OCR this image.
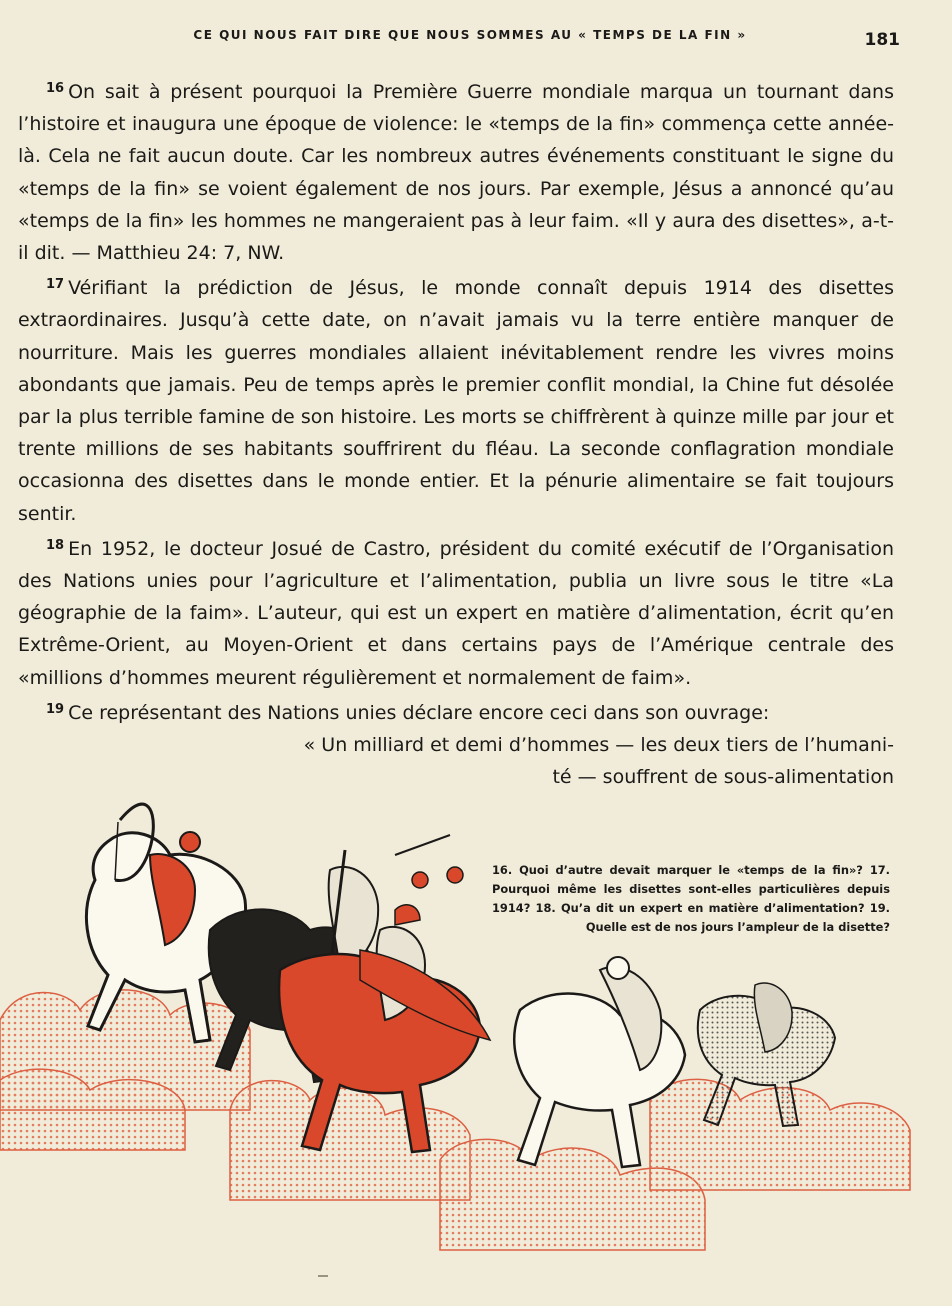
CE QUI NOUS FAIT DIRE QUE NOUS SOMMES AU « TEMPS DE LA FIN »	181

$^{16}$ On sait à présent pourquoi la Première Guerre mondiale marqua un tournant dans l’histoire et inaugura une époque de violence: le «temps de la fin» commença cette année-là. Cela ne fait aucun doute. Car les nombreux autres événements constituant le signe du «temps de la fin» se voient également de nos jours. Par exemple, Jésus a annoncé qu’au «temps de la fin» les hommes ne mangeraient pas à leur faim. «Il y aura des disettes», a-t-il dit. — Matthieu 24: 7, NW.

$^{17}$ Vérifiant la prédiction de Jésus, le monde connaît depuis 1914 des disettes extraordinaires. Jusqu’à cette date, on n’avait jamais vu la terre entière manquer de nourriture. Mais les guerres mondiales allaient inévitablement rendre les vivres moins abondants que jamais. Peu de temps après le premier conflit mondial, la Chine fut désolée par la plus terrible famine de son histoire. Les morts se chiffrèrent à quinze mille par jour et trente millions de ses habitants souffrirent du fléau. La seconde conflagration mondiale occasionna des disettes dans le monde entier. Et la pénurie alimentaire se fait toujours sentir.

$^{18}$ En 1952, le docteur Josué de Castro, président du comité exécutif de l’Organisation des Nations unies pour l’agriculture et l’alimentation, publia un livre sous le titre «La géographie de la faim». L’auteur, qui est un expert en matière d’alimentation, écrit qu’en Extrême-Orient, au Moyen-Orient et dans certains pays de l’Amérique centrale des «millions d’hommes meurent régulièrement et normalement de faim».

$^{19}$ Ce représentant des Nations unies déclare encore ceci dans son ouvrage:

« Un milliard et demi d’hommes — les deux tiers de l’humani-

té — souffrent de sous-alimentation

16. Quoi d’autre devait marquer le «temps de la fin»? 17. Pourquoi même les disettes sont-elles particulières depuis 1914? 18. Qu’a dit un expert en matière d’alimentation? 19. Quelle est de nos jours l’ampleur de la disette?
